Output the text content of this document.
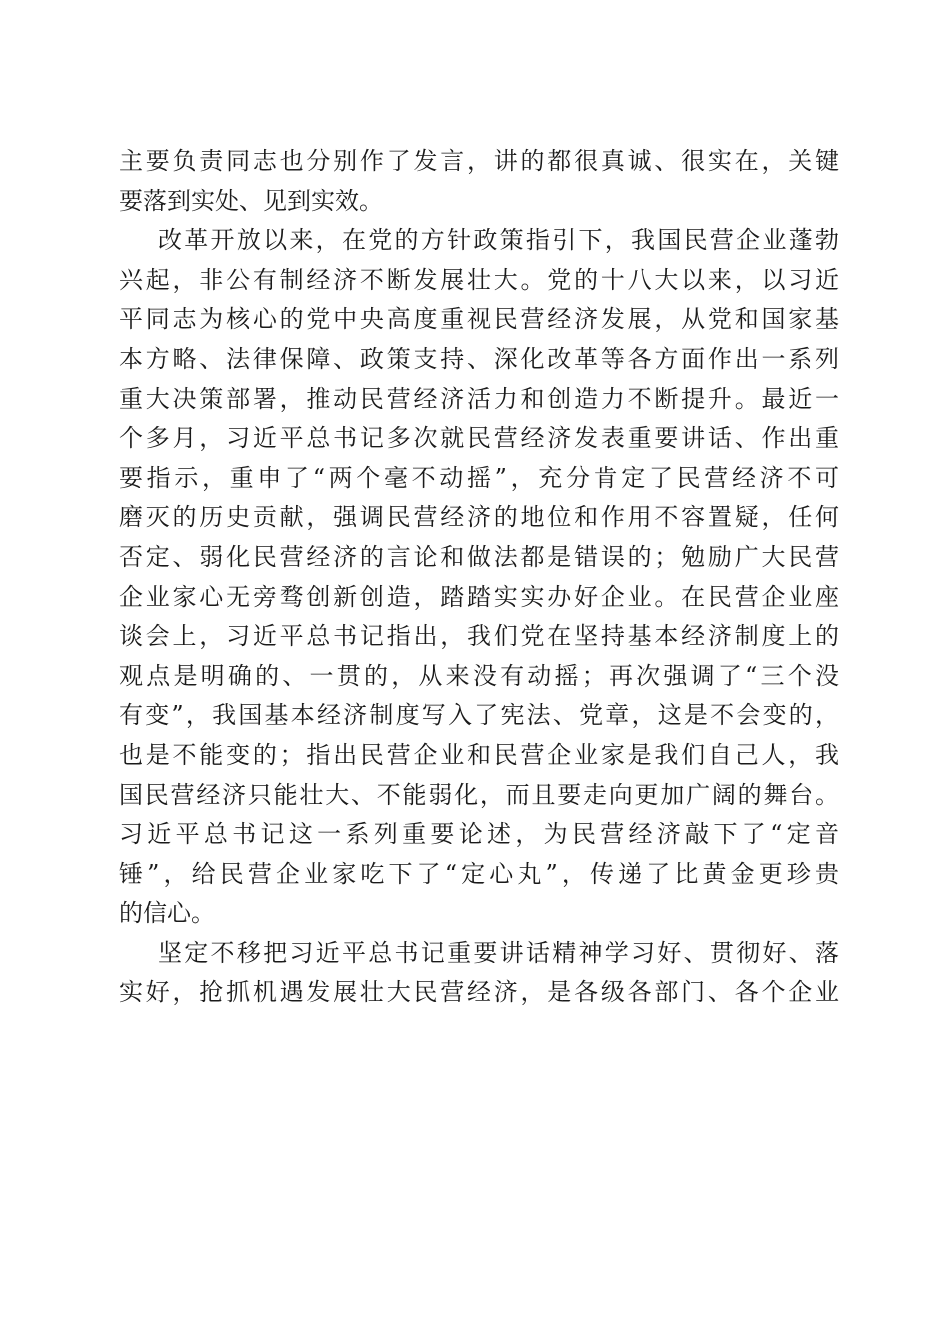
主要负责同志也分别作了发言，讲的都很真诚、很实在，关键
要落到实处、见到实效。
改革开放以来，在党的方针政策指引下，我国民营企业蓬勃
兴起，非公有制经济不断发展壮大。党的十八大以来，以习近
平同志为核心的党中央高度重视民营经济发展，从党和国家基
本方略、法律保障、政策支持、深化改革等各方面作出一系列
重大决策部署，推动民营经济活力和创造力不断提升。最近一
个多月，习近平总书记多次就民营经济发表重要讲话、作出重
要指示，重申了“两个毫不动摇”，充分肯定了民营经济不可
磨灭的历史贡献，强调民营经济的地位和作用不容置疑，任何
否定、弱化民营经济的言论和做法都是错误的；勉励广大民营
企业家心无旁骛创新创造，踏踏实实办好企业。在民营企业座
谈会上，习近平总书记指出，我们党在坚持基本经济制度上的
观点是明确的、一贯的，从来没有动摇；再次强调了“三个没
有变”，我国基本经济制度写入了宪法、党章，这是不会变的，
也是不能变的；指出民营企业和民营企业家是我们自己人，我
国民营经济只能壮大、不能弱化，而且要走向更加广阔的舞台。
习近平总书记这一系列重要论述，为民营经济敲下了“定音
锤”，给民营企业家吃下了“定心丸”，传递了比黄金更珍贵
的信心。
坚定不移把习近平总书记重要讲话精神学习好、贯彻好、落
实好，抢抓机遇发展壮大民营经济，是各级各部门、各个企业
